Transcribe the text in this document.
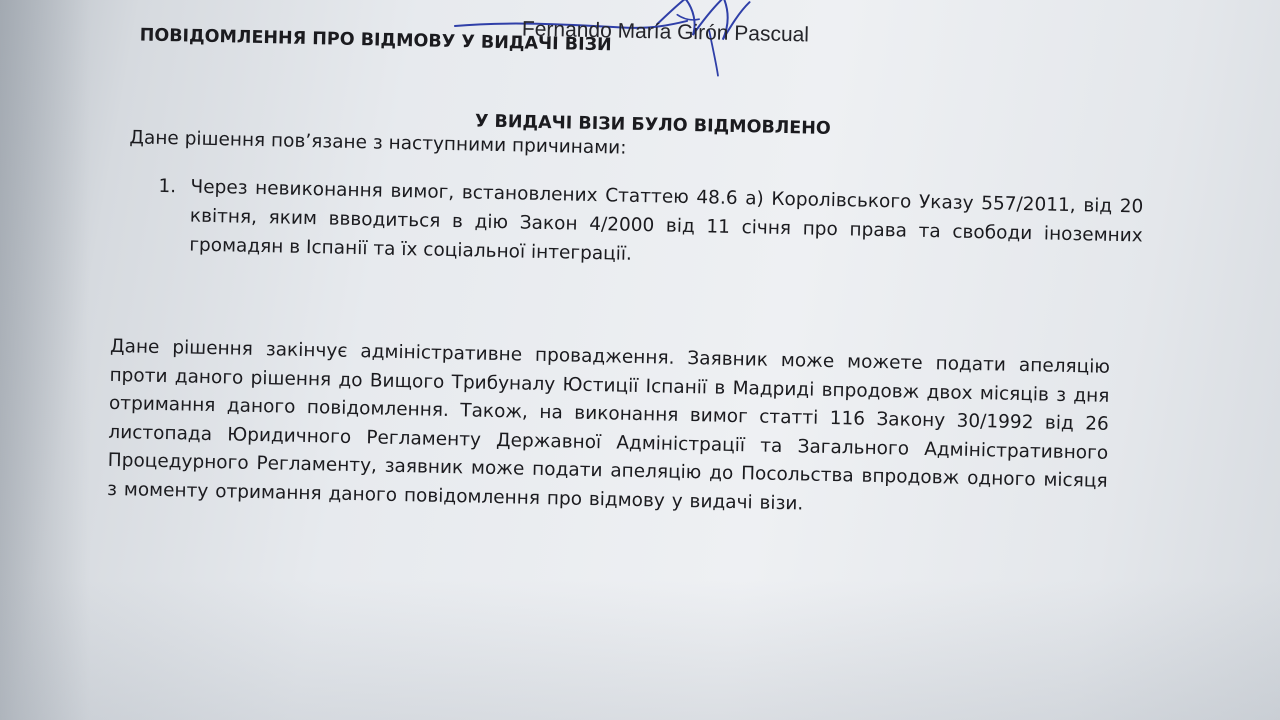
Fernando María Girón Pascual
ПОВІДОМЛЕННЯ ПРО ВІДМОВУ У ВИДАЧІ ВІЗИ
У ВИДАЧІ ВІЗИ БУЛО ВІДМОВЛЕНО
Дане рішення пов’язане з наступними причинами:
1. Через невиконання вимог, встановлених Статтею 48.6 а) Королівського Указу 557/2011, від 20 квітня, яким ввводиться в дію Закон 4/2000 від 11 січня про права та свободи іноземних громадян в Іспанії та їх соціальної інтеграції.
Дане рішення закінчує адміністративне провадження. Заявник може можете подати апеляцію проти даного рішення до Вищого Трибуналу Юстиції Іспанії в Мадриді впродовж двох місяців з дня отримання даного повідомлення. Також, на виконання вимог статті 116 Закону 30/1992 від 26 листопада Юридичного Регламенту Державної Адміністрації та Загального Адміністративного Процедурного Регламенту, заявник може подати апеляцію до Посольства впродовж одного місяця з моменту отримання даного повідомлення про відмову у видачі візи.
